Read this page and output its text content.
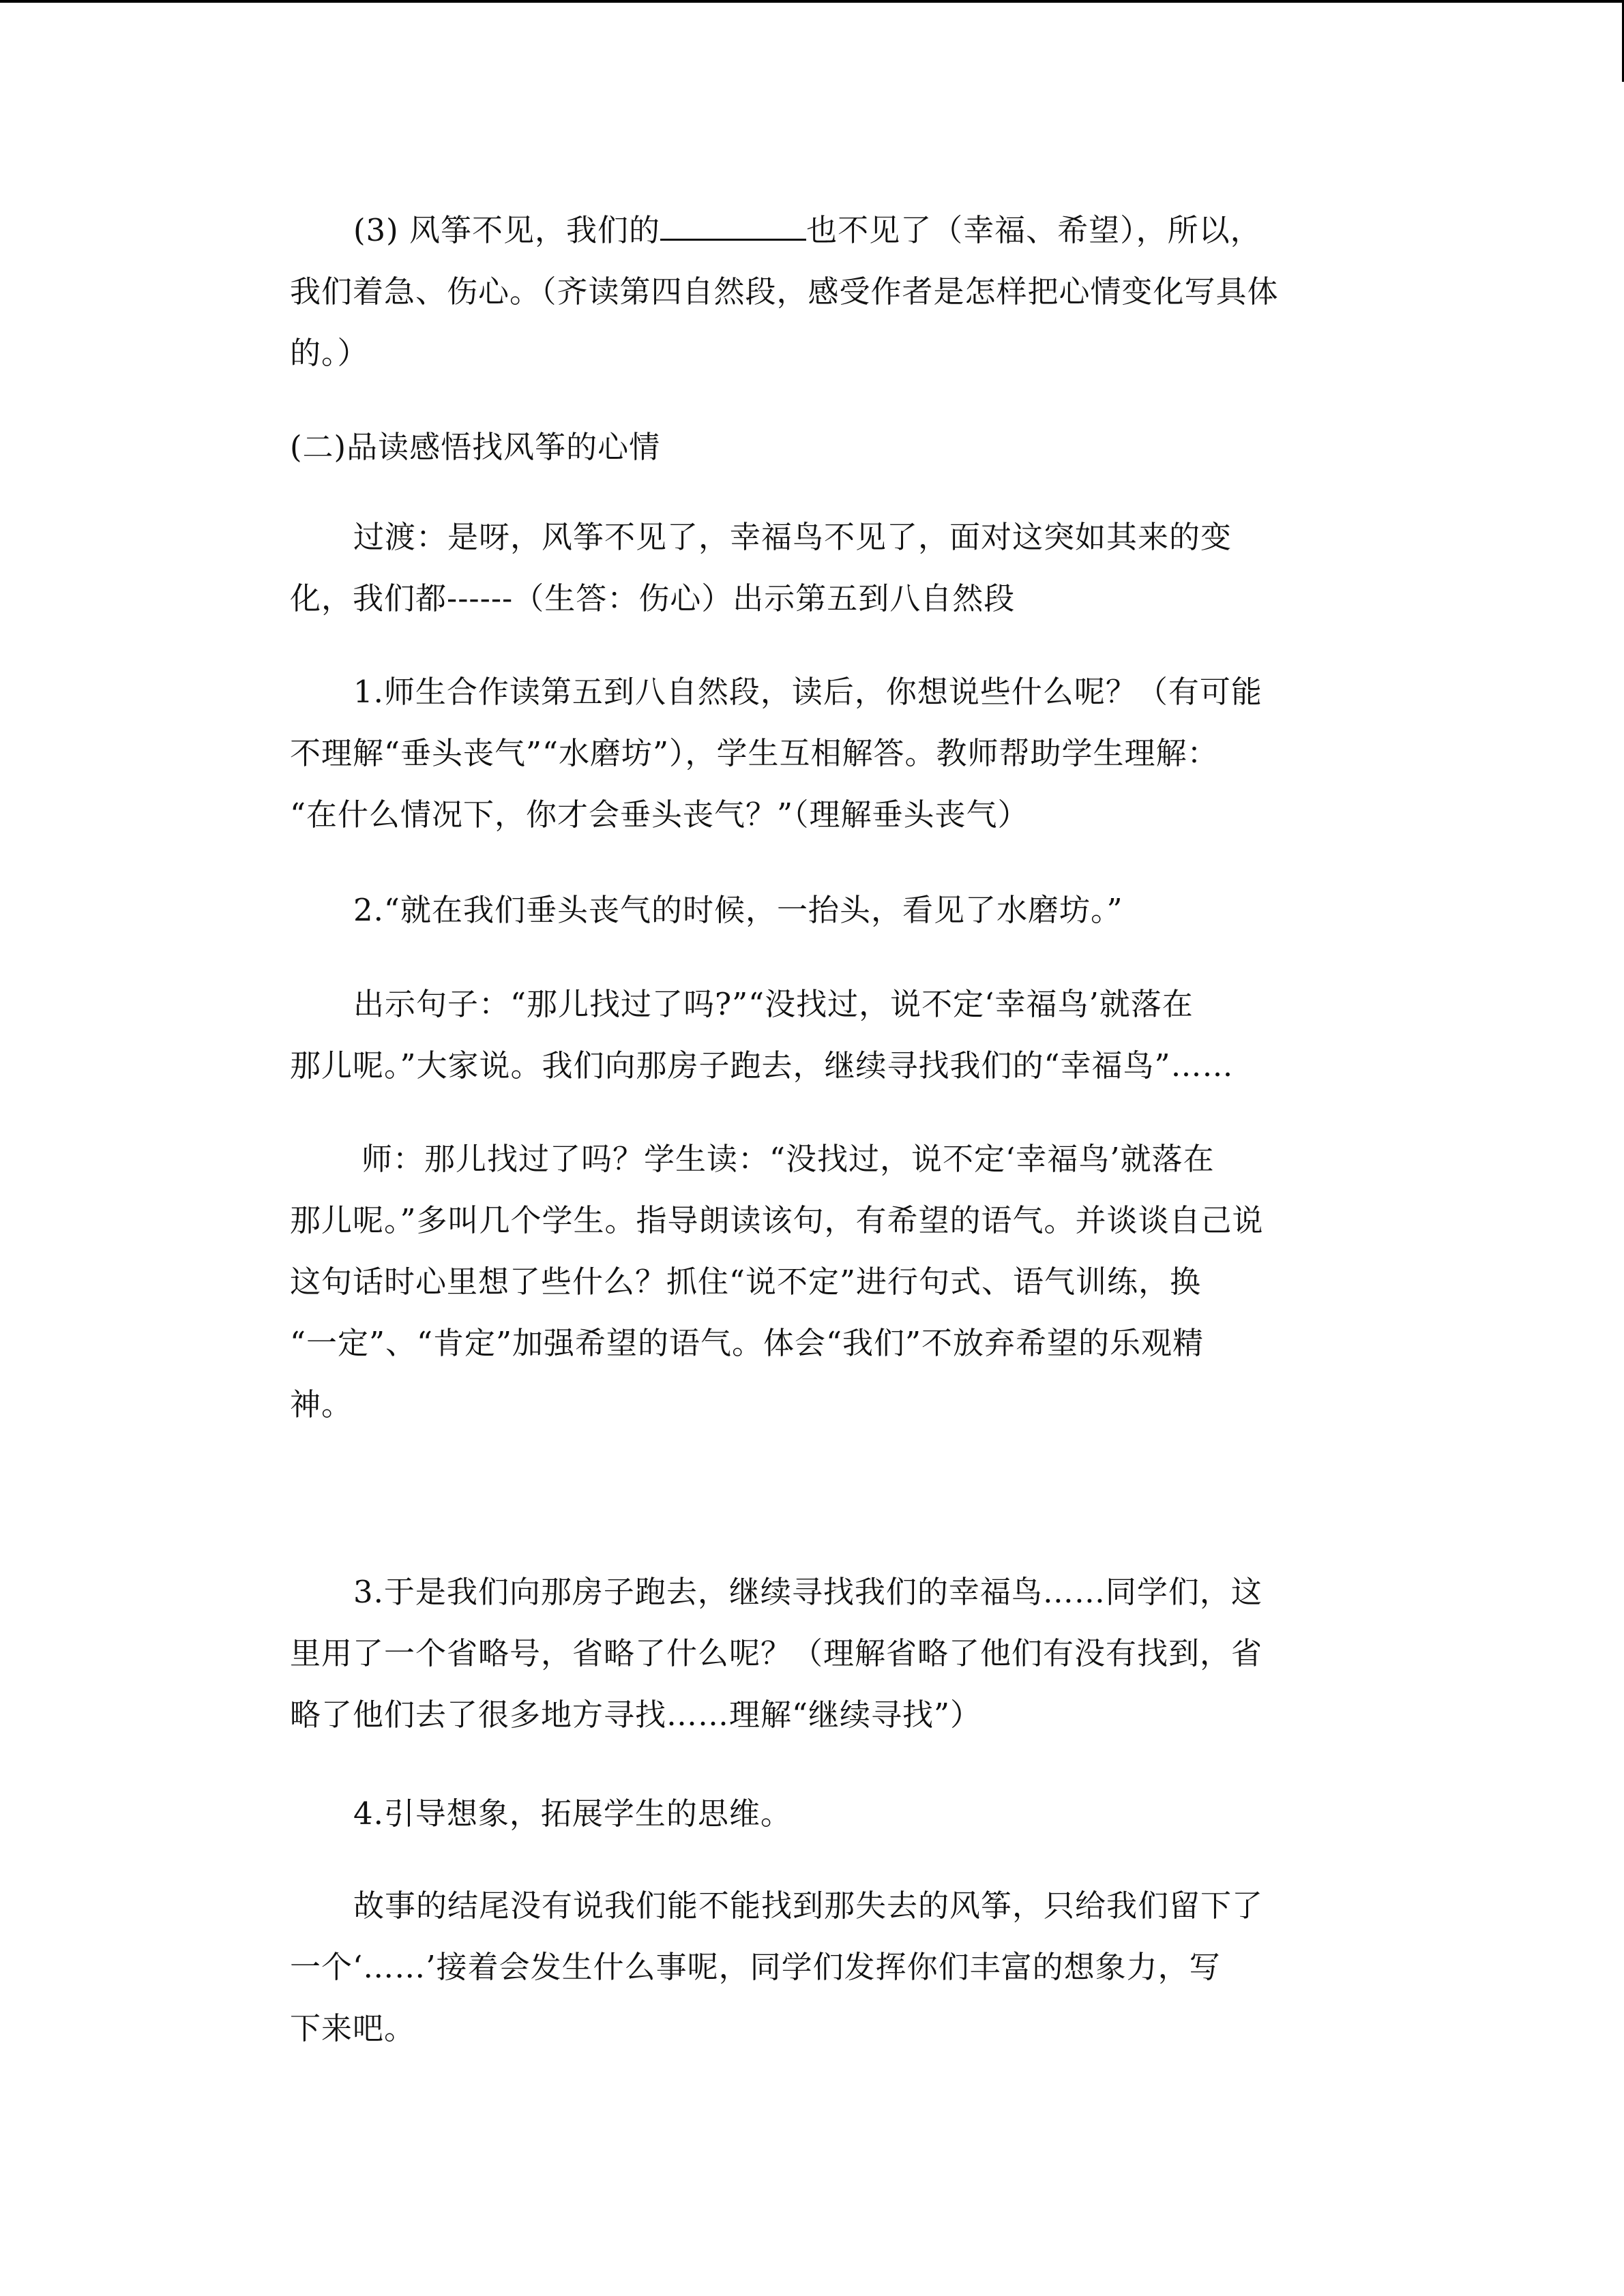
(3) 风筝不见，我们的	也不见了（幸福、希望），所以，
我们着急、伤心。（齐读第四自然段，感受作者是怎样把心情变化写具体
的。）
(二)品读感悟找风筝的心情
过渡：是呀，风筝不见了，幸福鸟不见了，面对这突如其来的变
化，我们都------（生答：伤心）出示第五到八自然段
1.师生合作读第五到八自然段，读后，你想说些什么呢？（有可能
不理解“垂头丧气”“水磨坊”），学生互相解答。教师帮助学生理解：
“在什么情况下，你才会垂头丧气？”（理解垂头丧气）
2.“就在我们垂头丧气的时候，一抬头，看见了水磨坊。”
出示句子：“那儿找过了吗?”“没找过，说不定‘幸福鸟’就落在
那儿呢。”大家说。我们向那房子跑去，继续寻找我们的“幸福鸟”……
师：那儿找过了吗？学生读：“没找过，说不定‘幸福鸟’就落在
那儿呢。”多叫几个学生。指导朗读该句，有希望的语气。并谈谈自己说
这句话时心里想了些什么？抓住“说不定”进行句式、语气训练，换
“一定”、“肯定”加强希望的语气。体会“我们”不放弃希望的乐观精
神。
3.于是我们向那房子跑去，继续寻找我们的幸福鸟……同学们，这
里用了一个省略号，省略了什么呢？（理解省略了他们有没有找到，省
略了他们去了很多地方寻找……理解“继续寻找”）
4.引导想象，拓展学生的思维。
故事的结尾没有说我们能不能找到那失去的风筝，只给我们留下了
一个‘……’接着会发生什么事呢，同学们发挥你们丰富的想象力，写
下来吧。
